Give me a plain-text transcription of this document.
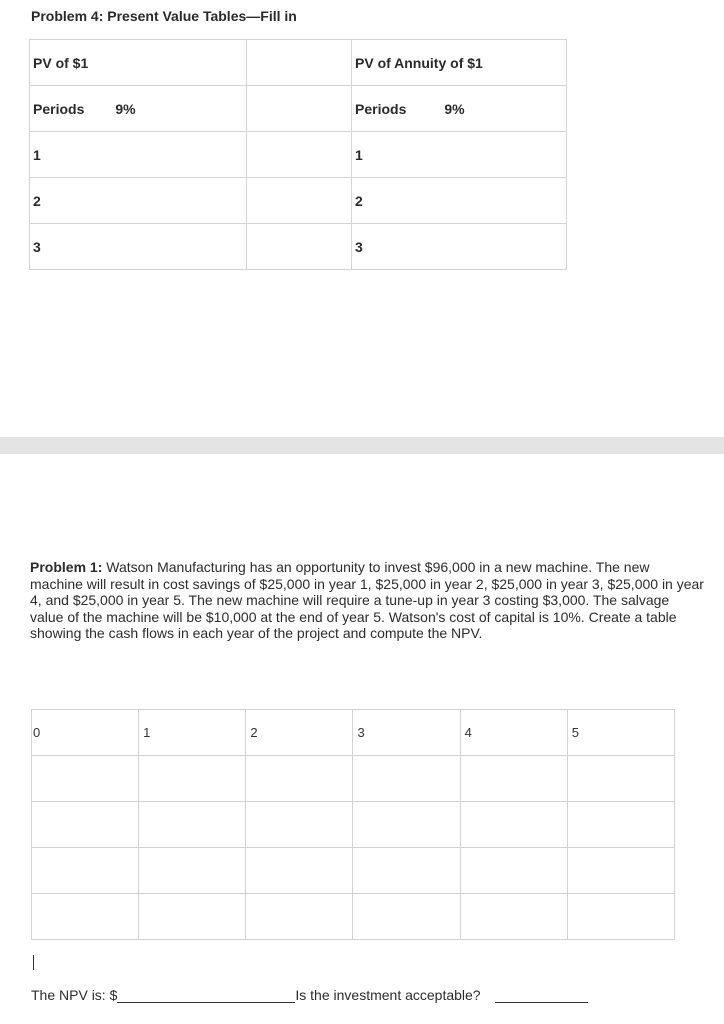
Problem 4: Present Value Tables—Fill in
PV of $1		PV of Annuity of $1
Periods 9%		Periods 9%
1		1
2		2
3		3
Problem 1: Watson Manufacturing has an opportunity to invest $96,000 in a new machine. The new machine will result in cost savings of $25,000 in year 1, $25,000 in year 2, $25,000 in year 3, $25,000 in year 4, and $25,000 in year 5. The new machine will require a tune-up in year 3 costing $3,000. The salvage value of the machine will be $10,000 at the end of year 5. Watson's cost of capital is 10%. Create a table showing the cash flows in each year of the project and compute the NPV.
0	1	2	3	4	5

The NPV is: $	Is the investment acceptable?
